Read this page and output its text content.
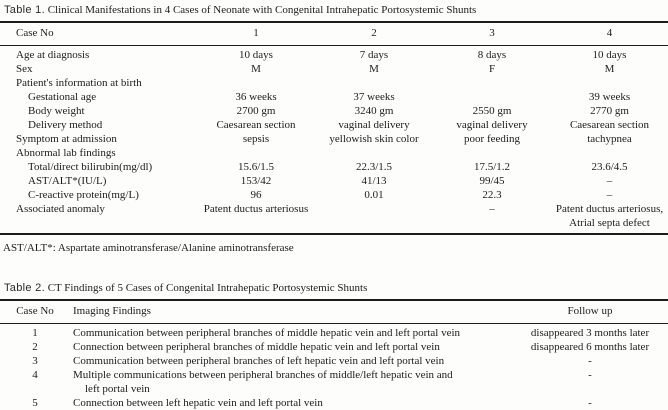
Table 1. Clinical Manifestations in 4 Cases of Neonate with Congenital Intrahepatic Portosystemic Shunts
Case No	1	2	3	4
Age at diagnosis	10 days	7 days	8 days	10 days
Sex	M	M	F	M
Patient's information at birth				
Gestational age	36 weeks	37 weeks		39 weeks
Body weight	2700 gm	3240 gm	2550 gm	2770 gm
Delivery method	Caesarean section	vaginal delivery	vaginal delivery	Caesarean section
Symptom at admission	sepsis	yellowish skin color	poor feeding	tachypnea
Abnormal lab findings				
Total/direct bilirubin(mg/dl)	15.6/1.5	22.3/1.5	17.5/1.2	23.6/4.5
AST/ALT*(IU/L)	153/42	41/13	99/45	–
C-reactive protein(mg/L)	96	0.01	22.3	–
Associated anomaly	Patent ductus arteriosus		–	Patent ductus arteriosus,
Atrial septa defect
AST/ALT*: Aspartate aminotransferase/Alanine aminotransferase
Table 2. CT Findings of 5 Cases of Congenital Intrahepatic Portosystemic Shunts
Case No	Imaging Findings	Follow up
1	Communication between peripheral branches of middle hepatic vein and left portal vein	disappeared 3 months later
2	Connection between peripheral branches of middle hepatic vein and left portal vein	disappeared 6 months later
3	Communication between peripheral branches of left hepatic vein and left portal vein	-
4	Multiple communications between peripheral branches of middle/left hepatic vein and
left portal vein	-
5	Connection between left hepatic vein and left portal vein	-
